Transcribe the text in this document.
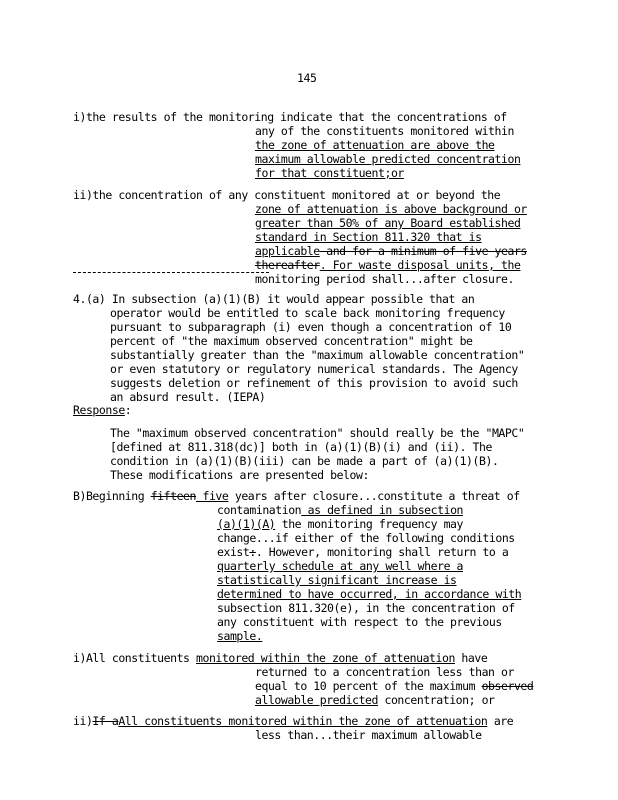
145
i)the results of the monitoring indicate that the concentrations of
any of the constituents monitored within
the zone of attenuation are above the
maximum allowable predicted concentration
for that constituent;or
ii)the concentration of any constituent monitored at or beyond the
zone of attenuation is above background or
greater than 50% of any Board established
standard in Section 811.320 that is
applicable and for a minimum of five years
thereafter. For waste disposal units, the
monitoring period shall...after closure.
4.(a) In subsection (a)(1)(B) it would appear possible that an
operator would be entitled to scale back monitoring frequency
pursuant to subparagraph (i) even though a concentration of 10
percent of "the maximum observed concentration" might be
substantially greater than the "maximum allowable concentration"
or even statutory or regulatory numerical standards. The Agency
suggests deletion or refinement of this provision to avoid such
an absurd result. (IEPA)
Response:
The "maximum observed concentration" should really be the "MAPC"
[defined at 811.318(dc)] both in (a)(1)(B)(i) and (ii). The
condition in (a)(1)(B)(iii) can be made a part of (a)(1)(B).
These modifications are presented below:
B)Beginning fifteen five years after closure...constitute a threat of
contamination as defined in subsection
(a)(1)(A) the monitoring frequency may
change...if either of the following conditions
exist:. However, monitoring shall return to a
quarterly schedule at any well where a
statistically significant increase is
determined to have occurred, in accordance with
subsection 811.320(e), in the concentration of
any constituent with respect to the previous
sample.
i)All constituents monitored within the zone of attenuation have
returned to a concentration less than or
equal to 10 percent of the maximum observed
allowable predicted concentration; or
ii)If aAll constituents monitored within the zone of attenuation are
less than...their maximum allowable
